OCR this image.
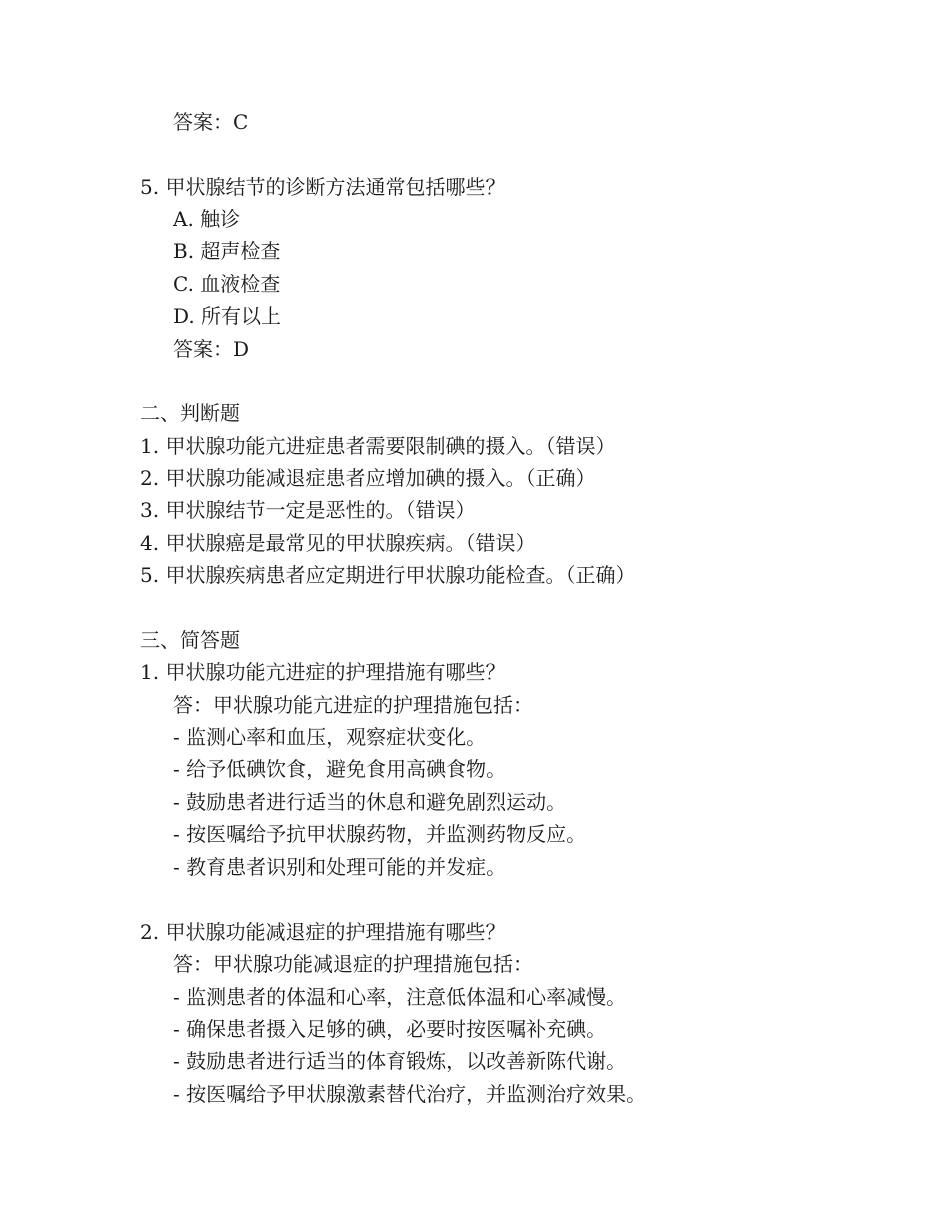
答案：C
5. 甲状腺结节的诊断方法通常包括哪些？
A. 触诊
B. 超声检查
C. 血液检查
D. 所有以上
答案：D
二、判断题
1. 甲状腺功能亢进症患者需要限制碘的摄入。（错误）
2. 甲状腺功能减退症患者应增加碘的摄入。（正确）
3. 甲状腺结节一定是恶性的。（错误）
4. 甲状腺癌是最常见的甲状腺疾病。（错误）
5. 甲状腺疾病患者应定期进行甲状腺功能检查。（正确）
三、简答题
1. 甲状腺功能亢进症的护理措施有哪些？
答：甲状腺功能亢进症的护理措施包括：
- 监测心率和血压，观察症状变化。
- 给予低碘饮食，避免食用高碘食物。
- 鼓励患者进行适当的休息和避免剧烈运动。
- 按医嘱给予抗甲状腺药物，并监测药物反应。
- 教育患者识别和处理可能的并发症。
2. 甲状腺功能减退症的护理措施有哪些？
答：甲状腺功能减退症的护理措施包括：
- 监测患者的体温和心率，注意低体温和心率减慢。
- 确保患者摄入足够的碘，必要时按医嘱补充碘。
- 鼓励患者进行适当的体育锻炼，以改善新陈代谢。
- 按医嘱给予甲状腺激素替代治疗，并监测治疗效果。
